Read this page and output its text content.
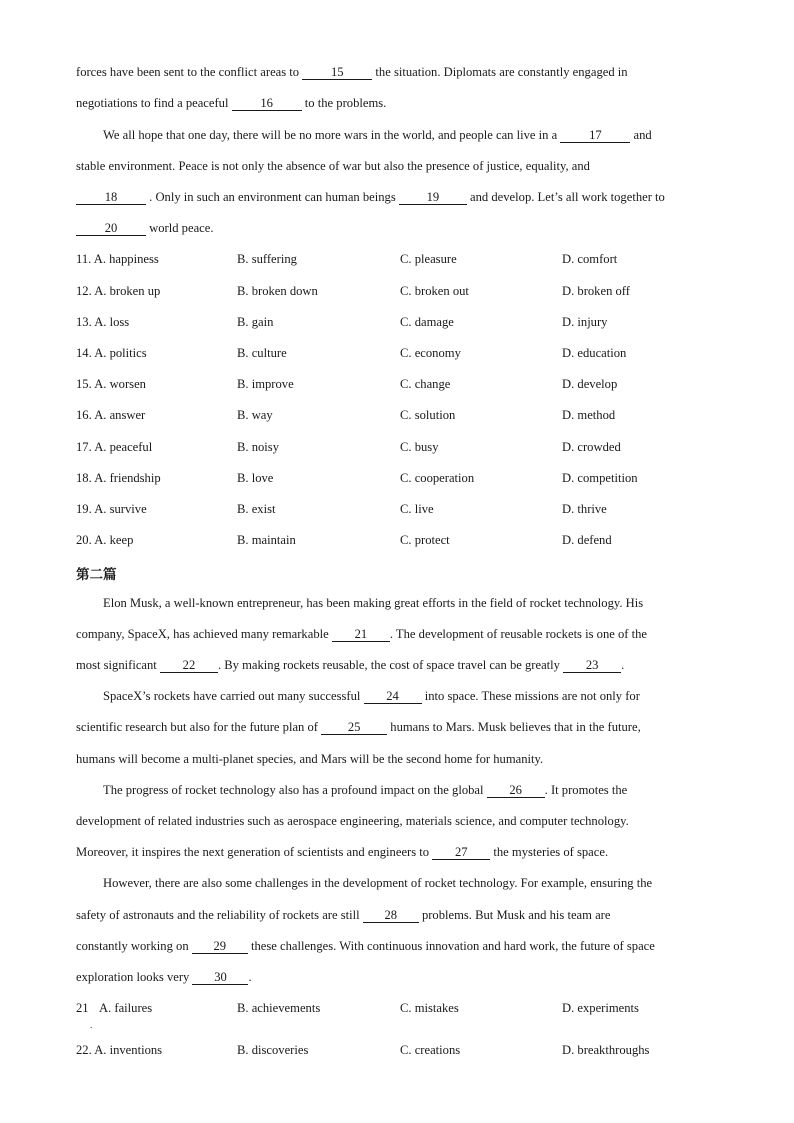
forces have been sent to the conflict areas to	15	the situation. Diplomats are constantly engaged in
negotiations to find a peaceful	16	to the problems.
We all hope that one day, there will be no more wars in the world, and people can live in a	17	and
stable environment. Peace is not only the absence of war but also the presence of justice, equality, and
18	. Only in such an environment can human beings 19 and develop. Let’s all work together to
20	world peace.
11. A. happiness	B. suffering	C. pleasure	D. comfort
12. A. broken up	B. broken down	C. broken out	D. broken off
13. A. loss	B. gain	C. damage	D. injury
14. A. politics	B. culture	C. economy	D. education
15. A. worsen	B. improve	C. change	D. develop
16. A. answer	B. way	C. solution	D. method
17. A. peaceful	B. noisy	C. busy	D. crowded
18. A. friendship	B. love	C. cooperation	D. competition
19. A. survive	B. exist	C. live	D. thrive
20. A. keep	B. maintain	C. protect	D. defend
第二篇
Elon Musk, a well-known entrepreneur, has been making great efforts in the field of rocket technology. His
company, SpaceX, has achieved many remarkable 21 . The development of reusable rockets is one of the
most significant 22 . By making rockets reusable, the cost of space travel can be greatly 23 .
SpaceX’s rockets have carried out many successful 24 into space. These missions are not only for
scientific research but also for the future plan of 25 humans to Mars. Musk believes that in the future,
humans will become a multi-planet species, and Mars will be the second home for humanity.
The progress of rocket technology also has a profound impact on the global 26 . It promotes the
development of related industries such as aerospace engineering, materials science, and computer technology.
Moreover, it inspires the next generation of scientists and engineers to 27 the mysteries of space.
However, there are also some challenges in the development of rocket technology. For example, ensuring the
safety of astronauts and the reliability of rockets are still 28 problems. But Musk and his team are
constantly working on 29 these challenges. With continuous innovation and hard work, the future of space
exploration looks very 30 .
21 A. failures	B. achievements	C. mistakes	D. experiments
.
22. A. inventions	B. discoveries	C. creations	D. breakthroughs
